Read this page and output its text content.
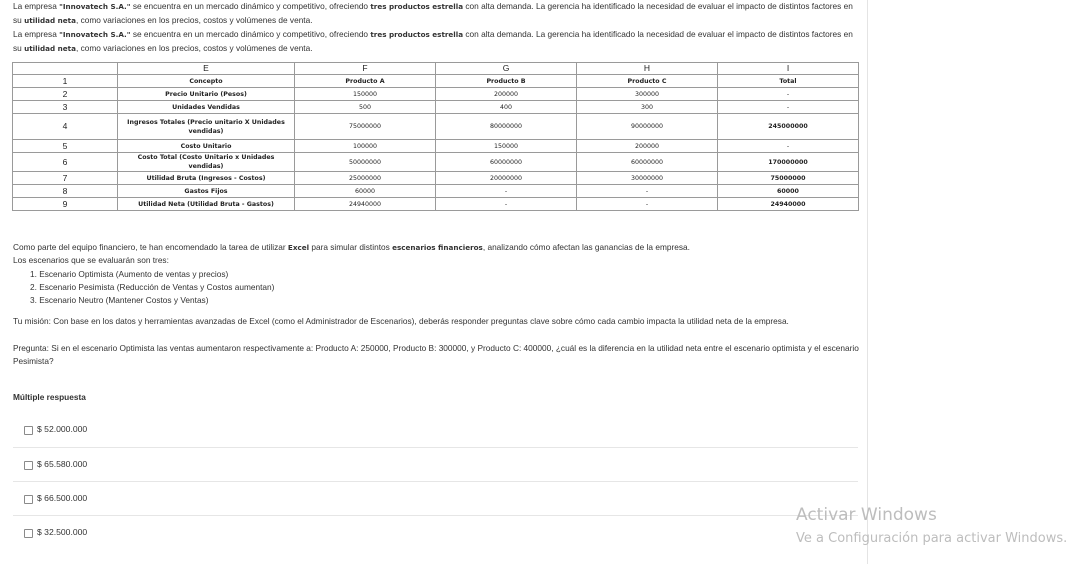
La empresa "Innovatech S.A." se encuentra en un mercado dinámico y competitivo, ofreciendo tres productos estrella con alta demanda. La gerencia ha identificado la necesidad de evaluar el impacto de distintos factores en su utilidad neta, como variaciones en los precios, costos y volúmenes de venta.

La empresa "Innovatech S.A." se encuentra en un mercado dinámico y competitivo, ofreciendo tres productos estrella con alta demanda. La gerencia ha identificado la necesidad de evaluar el impacto de distintos factores en su utilidad neta, como variaciones en los precios, costos y volúmenes de venta.

	E	F	G	H	I
1	Concepto	Producto A	Producto B	Producto C	Total
2	Precio Unitario (Pesos)	150000	200000	300000	-
3	Unidades Vendidas	500	400	300	-
4	Ingresos Totales (Precio unitario X Unidades vendidas)	75000000	80000000	90000000	245000000
5	Costo Unitario	100000	150000	200000	-
6	Costo Total (Costo Unitario x Unidades vendidas)	50000000	60000000	60000000	170000000
7	Utilidad Bruta (Ingresos - Costos)	25000000	20000000	30000000	75000000
8	Gastos Fijos	60000	-	-	60000
9	Utilidad Neta (Utilidad Bruta - Gastos)	24940000	-	-	24940000

Como parte del equipo financiero, te han encomendado la tarea de utilizar Excel para simular distintos escenarios financieros, analizando cómo afectan las ganancias de la empresa.

Los escenarios que se evaluarán son tres:

1. Escenario Optimista (Aumento de ventas y precios)
2. Escenario Pesimista (Reducción de Ventas y Costos aumentan)
3. Escenario Neutro (Mantener Costos y Ventas)

Tu misión: Con base en los datos y herramientas avanzadas de Excel (como el Administrador de Escenarios), deberás responder preguntas clave sobre cómo cada cambio impacta la utilidad neta de la empresa.

Pregunta: Si en el escenario Optimista las ventas aumentaron respectivamente a: Producto A: 250000, Producto B: 300000, y Producto C: 400000, ¿cuál es la diferencia en la utilidad neta entre el escenario optimista y el escenario Pesimista?

Múltiple respuesta
$ 52.000.000
$ 65.580.000
$ 66.500.000
$ 32.500.000
Activar Windows
Ve a Configuración para activar Windows.
